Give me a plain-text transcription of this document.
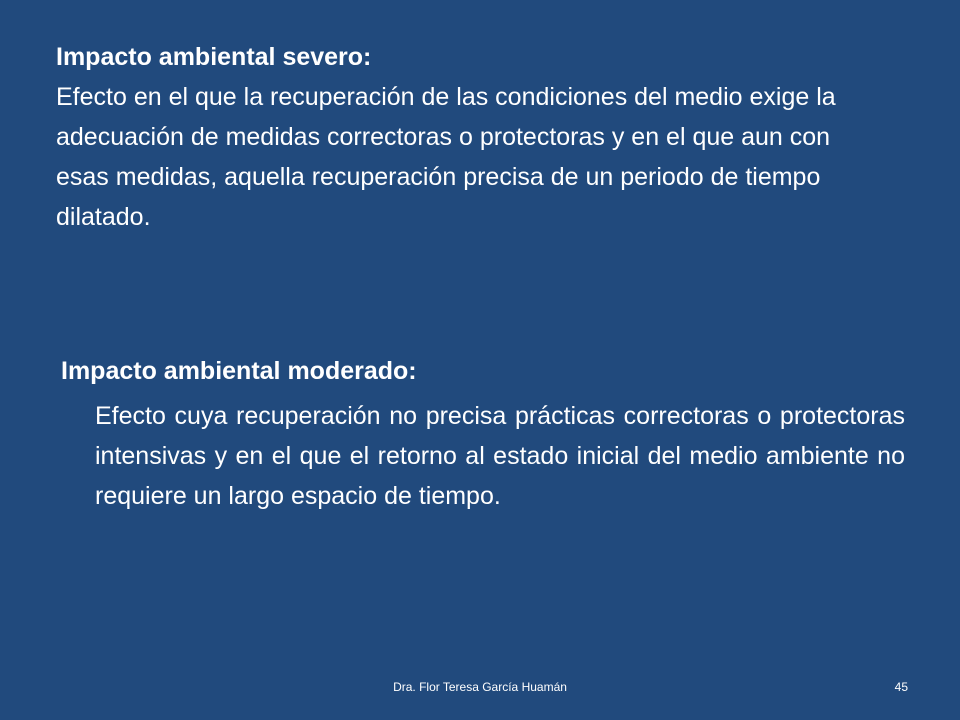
Impacto ambiental severo:
Efecto en el que la recuperación de las condiciones del medio exige la adecuación de medidas correctoras o protectoras y en el que aun con esas medidas, aquella recuperación precisa de un periodo de tiempo dilatado.
Impacto ambiental moderado:
Efecto cuya recuperación no precisa prácticas correctoras o protectoras intensivas y en el que el retorno al estado inicial del medio ambiente no requiere un largo espacio de tiempo.
Dra. Flor Teresa García Huamán	45
